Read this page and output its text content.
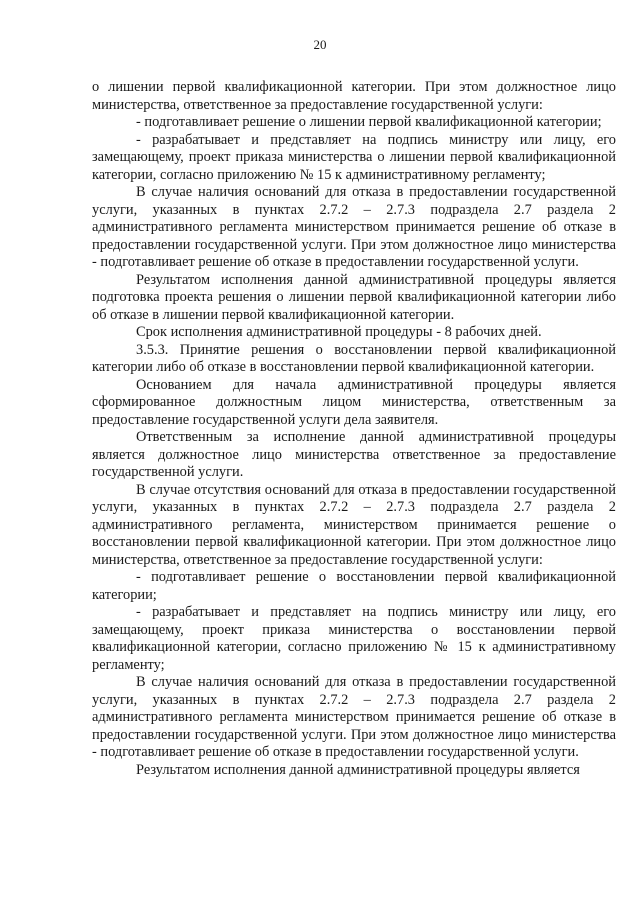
20

о лишении первой квалификационной категории. При этом должностное лицо министерства, ответственное за предоставление государственной услуги:

- подготавливает решение о лишении первой квалификационной категории;

- разрабатывает и представляет на подпись министру или лицу, его замещающему, проект приказа министерства о лишении первой квалификационной категории, согласно приложению № 15 к административному регламенту;

В случае наличия оснований для отказа в предоставлении государственной услуги, указанных в пунктах 2.7.2 – 2.7.3 подраздела 2.7 раздела 2 административного регламента министерством принимается решение об отказе в предоставлении государственной услуги. При этом должностное лицо министерства - подготавливает решение об отказе в предоставлении государственной услуги.

Результатом исполнения данной административной процедуры является подготовка проекта решения о лишении первой квалификационной категории либо об отказе в лишении первой квалификационной категории.

Срок исполнения административной процедуры - 8 рабочих дней.

3.5.3. Принятие решения о восстановлении первой квалификационной категории либо об отказе в восстановлении первой квалификационной категории.

Основанием для начала административной процедуры является сформированное должностным лицом министерства, ответственным за предоставление государственной услуги дела заявителя.

Ответственным за исполнение данной административной процедуры является должностное лицо министерства ответственное за предоставление государственной услуги.

В случае отсутствия оснований для отказа в предоставлении государственной услуги, указанных в пунктах 2.7.2 – 2.7.3 подраздела 2.7 раздела 2 административного регламента, министерством принимается решение о восстановлении первой квалификационной категории. При этом должностное лицо министерства, ответственное за предоставление государственной услуги:

- подготавливает решение о восстановлении первой квалификационной категории;

- разрабатывает и представляет на подпись министру или лицу, его замещающему, проект приказа министерства о восстановлении первой квалификационной категории, согласно приложению № 15 к административному регламенту;

В случае наличия оснований для отказа в предоставлении государственной услуги, указанных в пунктах 2.7.2 – 2.7.3 подраздела 2.7 раздела 2 административного регламента министерством принимается решение об отказе в предоставлении государственной услуги. При этом должностное лицо министерства - подготавливает решение об отказе в предоставлении государственной услуги.

Результатом исполнения данной административной процедуры является
